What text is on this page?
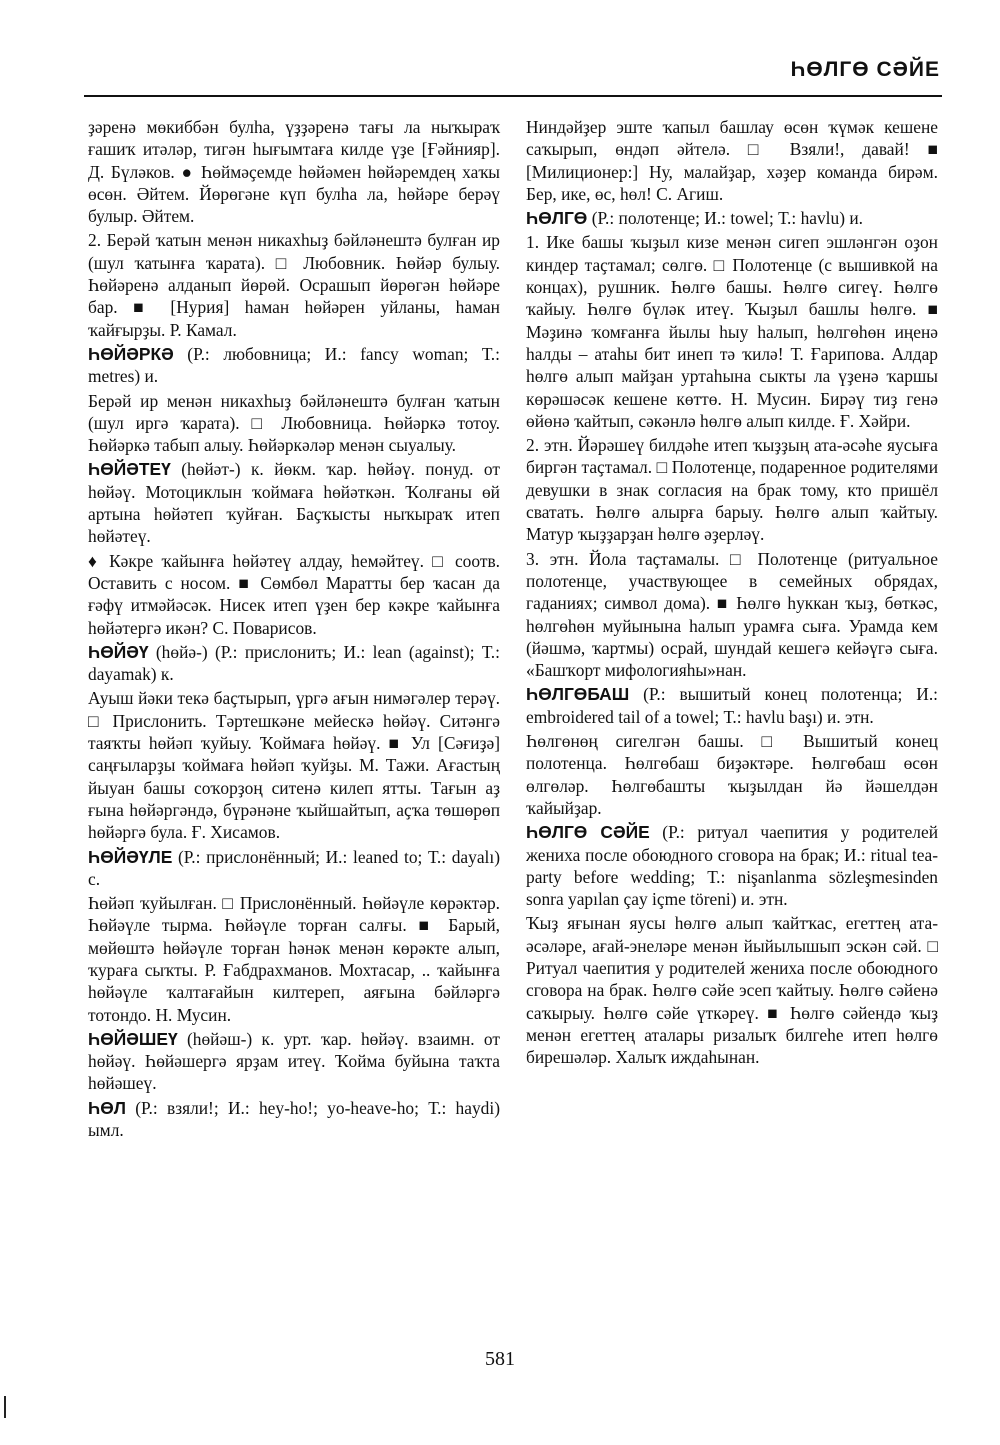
ҺӨЛГӨ СӘЙЕ

ҙәренә мөкиббән булһа, үҙҙәренә тағы ла ныҡыраҡ ғашиҡ итәләр, тигән һығымтаға килдe үҙе [Ғәйнияр]. Д. Бүләков. ● Һөймәҫемде һөйәмен һөйәремдең хаҡы өсөн. Әйтем. Йөрөгәне күп булһа ла, һөйәре берәү булыр. Әйтем.

2. Берәй ҡатын менән никахһыҙ бәйләнештә булған ир (шул ҡатынға ҡарата). □ Любовник. Һөйәр булыу. Һөйәренә алданып йөрөй. Осрашып йөрөгән һөйәре бар. ■ [Нурия] һаман һөйәрен уйланы, һаман ҡайғырҙы. Р. Камал.

ҺӨЙӘРКӘ (Р.: любовница; И.: fancy woman; Т.: metres) и.

Берәй ир менән никахһыҙ бәйләнештә булған ҡатын (шул иргә ҡарата). □ Любовница. Һөйәркә тотоу. Һөйәркә табып алыу. Һөйәркәләр менән сыуалыу.

ҺӨЙӘТЕҮ (һөйәт-) к. йөкм. ҡар. һөйәү. понуд. от һөйәү. Мотоциклын ҡоймаға һөйәткән. Ҡолғаны өй артына һөйәтеп ҡуйған. Баҫҡысты ныҡыраҡ итеп һөйәтеү.

♦ Кәкре ҡайынға һөйәтеү алдау, һемәйтеү. □ соотв. Оставить с носом. ■ Сөмбөл Маратты бер ҡасан да ғәфү итмәйәсәк. Нисек итеп үҙен бер кәкре ҡайынға һөйәтергә икән? С. Поварисов.

ҺӨЙӘҮ (һөйә-) (Р.: прислонить; И.: lean (against); Т.: dayamak) к.

Ауыш йәки текә баҫтырып, үргә ағын нимәгәлер терәү. □ Прислонить. Тәртешкәне мейескә һөйәү. Ситәнгә таяҡты һөйәп ҡуйыу. Ҡоймаға һөйәү. ■ Ул [Сәғиҙә] саңғыларҙы ҡоймаға һөйәп ҡуйҙы. М. Тажи. Ағастың йыуан башы соҡорҙоң ситенә килеп ятты. Тағын аҙ ғына һөйәргәндә, бүрәнәне ҡыйшайтып, аҫҡа төшөрөп һөйәргә була. Ғ. Хисамов.

ҺӨЙӘҮЛЕ (Р.: прислонённый; И.: leaned to; Т.: dayalı) с.

Һөйәп ҡуйылған. □ Прислонённый. Һөйәүле көрәктәр. Һөйәүле тырма. Һөйәүле торған салғы. ■ Барый, мөйөштә һөйәүле торған һәнәк менән көрәкте алып, ҡураға сыҡты. Р. Ғабдрахманов. Мохтасар, .. ҡайынға һөйәүле ҡалтағайын килтереп, аяғына бәйләргә тотондо. Н. Мусин.

ҺӨЙӘШЕҮ (һөйәш-) к. урт. ҡар. һөйәү. взаимн. от һөйәү. Һөйәшергә ярҙам итеү. Ҡойма буйына таҡта һөйәшеү.

ҺӨЛ (Р.: взяли!; И.: hey-ho!; yo-heave-ho; Т.: haydi) ымл.

Ниндәйҙер эште ҡапыл башлау өсөн ҡүмәк кешене саҡырып, өндәп әйтелә. □ Взяли!, давай! ■ [Милиционер:] Ну, малайҙар, хәҙер команда бирәм. Бер, ике, өс, һөл! С. Агиш.

ҺӨЛГӨ (Р.: полотенце; И.: towel; Т.: havlu) и.

1. Ике башы ҡыҙыл кизе менән сигеп эшләнгән оҙон киндер таҫтамал; сөлгө. □ Полотенце (с вышивкой на концах), рушник. Һөлгө башы. Һөлгө сигеү. Һөлгө ҡайыу. Һөлгө бүләк итеү. Ҡыҙыл башлы һөлгө. ■ Мәҙинә ҡомғанға йылы һыу һалып, һөлгөһөн иңенә һалды – атаһы бит инеп тә ҡилә! Т. Ғарипова. Алдар һөлгө алып майҙан уртаһына сыкты ла үҙенә ҡаршы көрәшәсәк кешене көттө. Н. Мусин. Бирәү тиҙ генә өйөнә ҡайтып, сәкәнлә һөлгө алып килдe. Ғ. Хәйри.

2. этн. Йәрәшеү билдәһе итеп ҡыҙҙың ата-әсәһе яусыға биргән таҫтамал. □ Полотенце, подаренное родителями девушки в знак согласия на брак тому, кто пришёл сватать. Һөлгө алырға барыу. Һөлгө алып ҡайтыу. Матур ҡыҙҙарҙан һөлгө әҙерләү.

3. этн. Йола таҫтамалы. □ Полотенце (ритуальное полотенце, участвующее в семейных обрядах, гаданиях; символ дома). ■ Һөлгө һуккан ҡыҙ, бөткәс, һөлгөһөн муйынына һалып урамға сыға. Урамда кем (йәшмә, ҡартмы) осрай, шундай кешегә кейәүгә сыға. «Башҡорт мифологияһы»нан.

ҺӨЛГӨБАШ (Р.: вышитый конец полотенца; И.: embroidered tail of a towel; Т.: havlu başı) и. этн.

Һөлгөнөң сигелгән башы. □ Вышитый конец полотенца. Һөлгөбаш биҙәктәре. Һөлгөбаш өсөн өлгөләр. Һөлгөбашты ҡыҙылдан йә йәшелдән ҡайыйҙар.

ҺӨЛГӨ СӘЙЕ (Р.: ритуал чаепития у родителей жениха после обоюдного сговора на брак; И.: ritual tea-party before wedding; Т.: nişanlanma sözleşmesinden sonra yapılan çay içme töreni) и. этн.

Ҡыҙ яғынан яусы һөлгө алып ҡайтҡас, егеттең ата-әсәләре, ағай-энеләре менән йыйылышып эскән сәй. □ Ритуал чаепития у родителей жениха после обоюдного сговора на брак. Һөлгө сәйе эсеп ҡайтыу. Һөлгө сәйенә саҡырыу. Һөлгө сәйе үткәреү. ■ Һөлгө сәйендә ҡыҙ менән егеттең аталары ризалыҡ билгеһе итеп һөлгө бирешәләр. Халыҡ иждаһынан.

581
